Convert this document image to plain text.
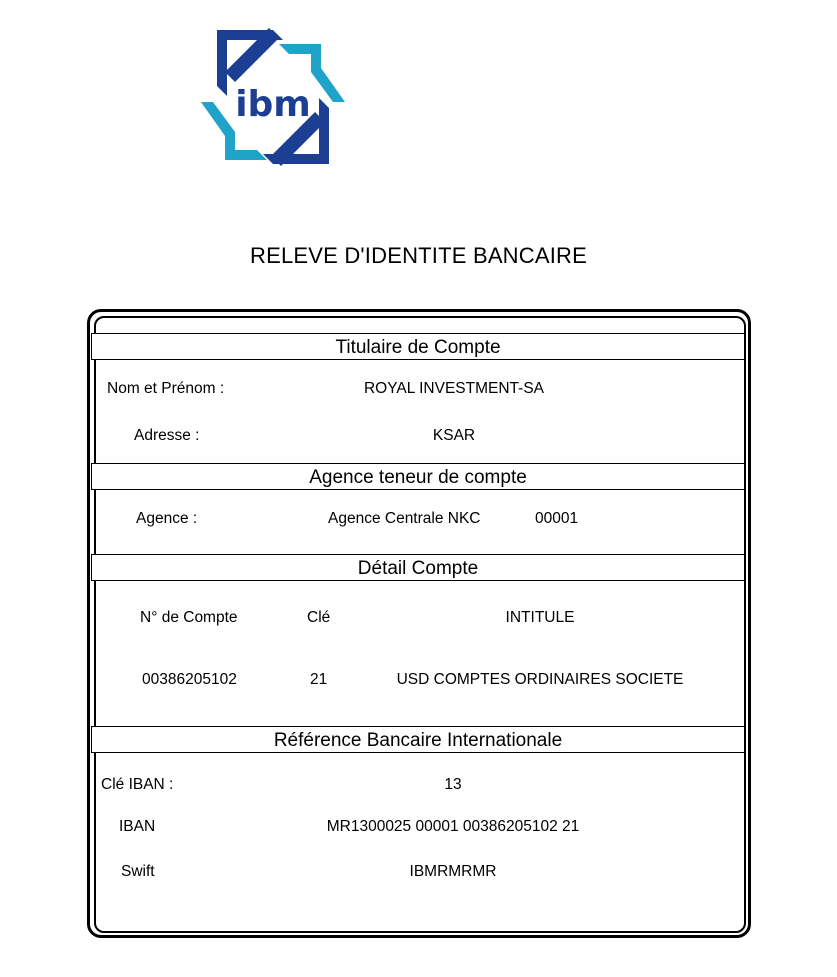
ibm
RELEVE D'IDENTITE BANCAIRE
Titulaire de Compte
Nom et Prénom :	ROYAL INVESTMENT-SA
Adresse :	KSAR
Agence teneur de compte
Agence :	Agence Centrale NKC	00001
Détail Compte
N° de Compte	Clé	INTITULE
00386205102	21	USD COMPTES ORDINAIRES SOCIETE
Référence Bancaire Internationale
Clé IBAN :	13
IBAN	MR1300025 00001 00386205102 21
Swift	IBMRMRMR
